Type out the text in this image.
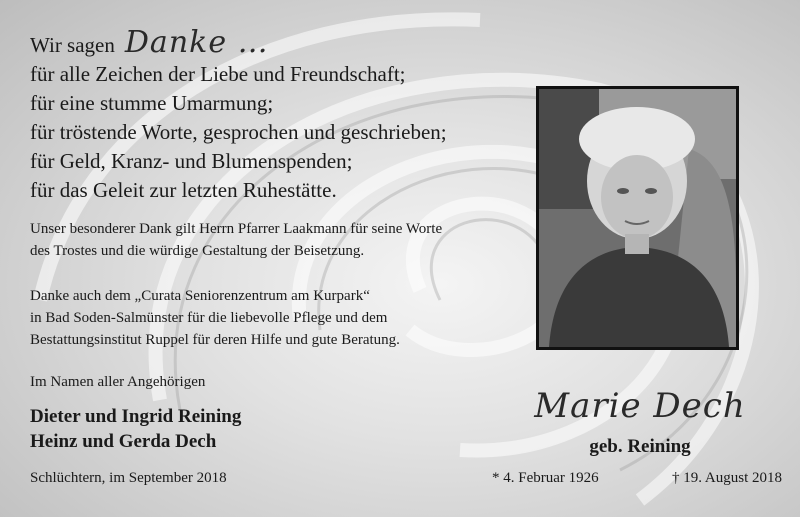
Wir sagen Danke …
für alle Zeichen der Liebe und Freundschaft;
für eine stumme Umarmung;
für tröstende Worte, gesprochen und geschrieben;
für Geld, Kranz- und Blumenspenden;
für das Geleit zur letzten Ruhestätte.
Unser besonderer Dank gilt Herrn Pfarrer Laakmann für seine Worte
des Trostes und die würdige Gestaltung der Beisetzung.
Danke auch dem „Curata Seniorenzentrum am Kurpark“
in Bad Soden-Salmünster für die liebevolle Pflege und dem
Bestattungsinstitut Ruppel für deren Hilfe und gute Beratung.
Im Namen aller Angehörigen
Dieter und Ingrid Reining
Heinz und Gerda Dech
Schlüchtern, im September 2018
Marie Dech
geb. Reining
* 4. Februar 1926	† 19. August 2018
